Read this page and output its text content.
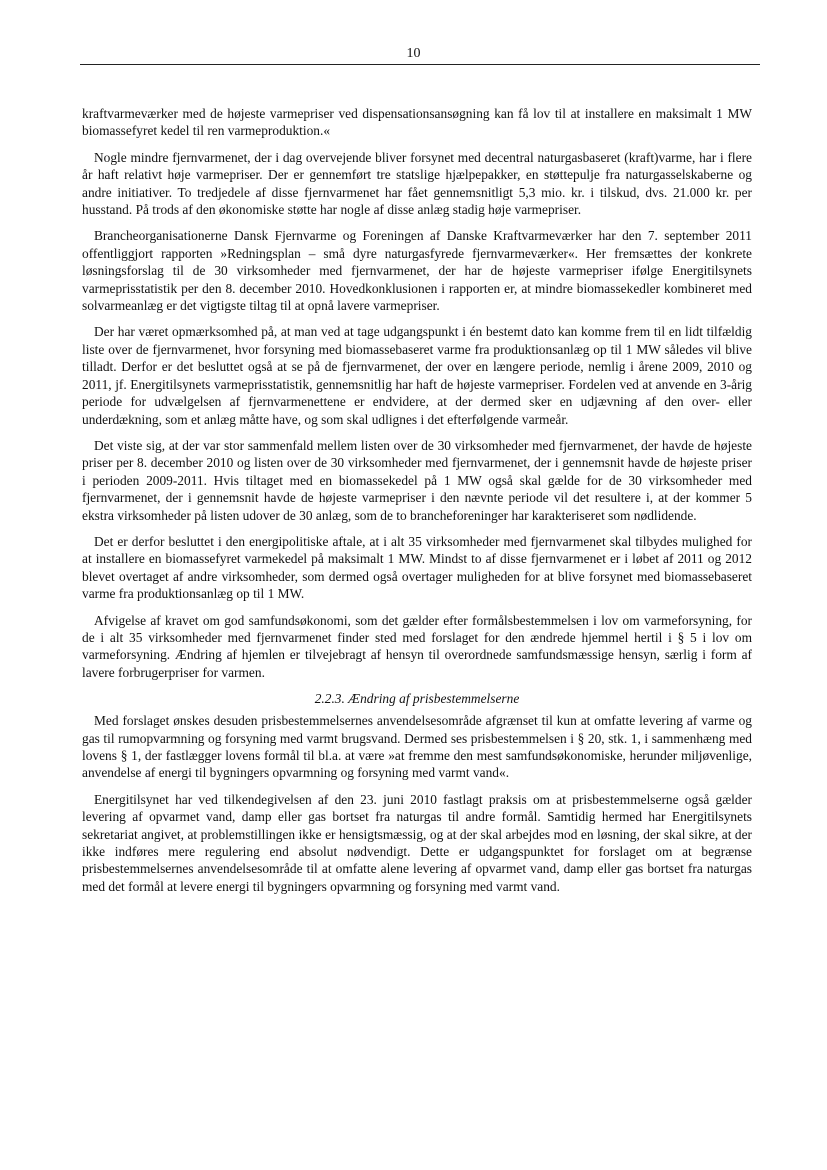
10

kraftvarmeværker med de højeste varmepriser ved dispensationsansøgning kan få lov til at installere en maksimalt 1 MW biomassefyret kedel til ren varmeproduktion.«

Nogle mindre fjernvarmenet, der i dag overvejende bliver forsynet med decentral naturgasbaseret (kraft)varme, har i flere år haft relativt høje varmepriser. Der er gennemført tre statslige hjælpepakker, en støttepulje fra naturgasselskaberne og andre initiativer. To tredjedele af disse fjernvarmenet har fået gennemsnitligt 5,3 mio. kr. i tilskud, dvs. 21.000 kr. per husstand. På trods af den økonomiske støtte har nogle af disse anlæg stadig høje varmepriser.

Brancheorganisationerne Dansk Fjernvarme og Foreningen af Danske Kraftvarmeværker har den 7. september 2011 offentliggjort rapporten »Redningsplan – små dyre naturgasfyrede fjernvarmeværker«. Her fremsættes der konkrete løsningsforslag til de 30 virksomheder med fjernvarmenet, der har de højeste varmepriser ifølge Energitilsynets varmeprisstatistik per den 8. december 2010. Hovedkonklusionen i rapporten er, at mindre biomassekedler kombineret med solvarmeanlæg er det vigtigste tiltag til at opnå lavere varmepriser.

Der har været opmærksomhed på, at man ved at tage udgangspunkt i én bestemt dato kan komme frem til en lidt tilfældig liste over de fjernvarmenet, hvor forsyning med biomassebaseret varme fra produktionsanlæg op til 1 MW således vil blive tilladt. Derfor er det besluttet også at se på de fjernvarmenet, der over en længere periode, nemlig i årene 2009, 2010 og 2011, jf. Energitilsynets varmeprisstatistik, gennemsnitlig har haft de højeste varmepriser. Fordelen ved at anvende en 3-årig periode for udvælgelsen af fjernvarmenettene er endvidere, at der dermed sker en udjævning af den over- eller underdækning, som et anlæg måtte have, og som skal udlignes i det efterfølgende varmeår.

Det viste sig, at der var stor sammenfald mellem listen over de 30 virksomheder med fjernvarmenet, der havde de højeste priser per 8. december 2010 og listen over de 30 virksomheder med fjernvarmenet, der i gennemsnit havde de højeste priser i perioden 2009-2011. Hvis tiltaget med en biomassekedel på 1 MW også skal gælde for de 30 virksomheder med fjernvarmenet, der i gennemsnit havde de højeste varmepriser i den nævnte periode vil det resultere i, at der kommer 5 ekstra virksomheder på listen udover de 30 anlæg, som de to brancheforeninger har karakteriseret som nødlidende.

Det er derfor besluttet i den energipolitiske aftale, at i alt 35 virksomheder med fjernvarmenet skal tilbydes mulighed for at installere en biomassefyret varmekedel på maksimalt 1 MW. Mindst to af disse fjernvarmenet er i løbet af 2011 og 2012 blevet overtaget af andre virksomheder, som dermed også overtager muligheden for at blive forsynet med biomassebaseret varme fra produktionsanlæg op til 1 MW.

Afvigelse af kravet om god samfundsøkonomi, som det gælder efter formålsbestemmelsen i lov om varmeforsyning, for de i alt 35 virksomheder med fjernvarmenet finder sted med forslaget for den ændrede hjemmel hertil i § 5 i lov om varmeforsyning. Ændring af hjemlen er tilvejebragt af hensyn til overordnede samfundsmæssige hensyn, særlig i form af lavere forbrugerpriser for varmen.

2.2.3. Ændring af prisbestemmelserne

Med forslaget ønskes desuden prisbestemmelsernes anvendelsesområde afgrænset til kun at omfatte levering af varme og gas til rumopvarmning og forsyning med varmt brugsvand. Dermed ses prisbestemmelsen i § 20, stk. 1, i sammenhæng med lovens § 1, der fastlægger lovens formål til bl.a. at være »at fremme den mest samfundsøkonomiske, herunder miljøvenlige, anvendelse af energi til bygningers opvarmning og forsyning med varmt vand«.

Energitilsynet har ved tilkendegivelsen af den 23. juni 2010 fastlagt praksis om at prisbestemmelserne også gælder levering af opvarmet vand, damp eller gas bortset fra naturgas til andre formål. Samtidig hermed har Energitilsynets sekretariat angivet, at problemstillingen ikke er hensigtsmæssig, og at der skal arbejdes mod en løsning, der skal sikre, at der ikke indføres mere regulering end absolut nødvendigt. Dette er udgangspunktet for forslaget om at begrænse prisbestemmelsernes anvendelsesområde til at omfatte alene levering af opvarmet vand, damp eller gas bortset fra naturgas med det formål at levere energi til bygningers opvarmning og forsyning med varmt vand.
